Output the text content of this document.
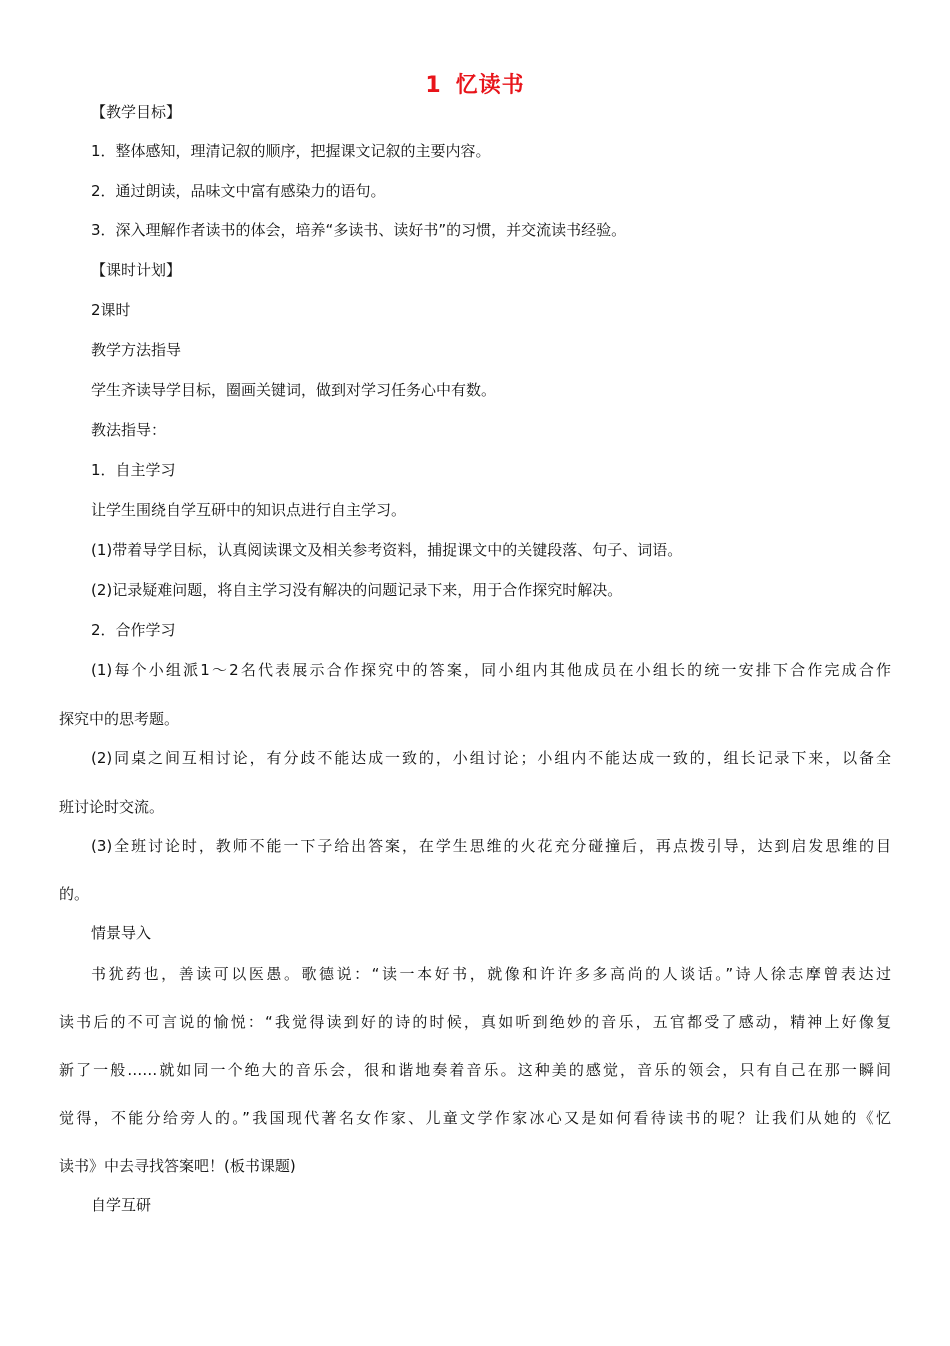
1 忆读书
【教学目标】
1．整体感知，理清记叙的顺序，把握课文记叙的主要内容。
2．通过朗读，品味文中富有感染力的语句。
3．深入理解作者读书的体会，培养“多读书、读好书”的习惯，并交流读书经验。
【课时计划】
2课时
教学方法指导
学生齐读导学目标，圈画关键词，做到对学习任务心中有数。
教法指导：
1．自主学习
让学生围绕自学互研中的知识点进行自主学习。
(1)带着导学目标，认真阅读课文及相关参考资料，捕捉课文中的关键段落、句子、词语。
(2)记录疑难问题，将自主学习没有解决的问题记录下来，用于合作探究时解决。
2．合作学习
(1)每个小组派1～2名代表展示合作探究中的答案，同小组内其他成员在小组长的统一安排下合作完成合作
探究中的思考题。
(2)同桌之间互相讨论，有分歧不能达成一致的，小组讨论；小组内不能达成一致的，组长记录下来，以备全
班讨论时交流。
(3)全班讨论时，教师不能一下子给出答案，在学生思维的火花充分碰撞后，再点拨引导，达到启发思维的目
的。
情景导入
书犹药也，善读可以医愚。歌德说：“读一本好书，就像和许许多多高尚的人谈话。”诗人徐志摩曾表达过
读书后的不可言说的愉悦：“我觉得读到好的诗的时候，真如听到绝妙的音乐，五官都受了感动，精神上好像复
新了一般……就如同一个绝大的音乐会，很和谐地奏着音乐。这种美的感觉，音乐的领会，只有自己在那一瞬间
觉得，不能分给旁人的。”我国现代著名女作家、儿童文学作家冰心又是如何看待读书的呢？让我们从她的《忆
读书》中去寻找答案吧！(板书课题)
自学互研
